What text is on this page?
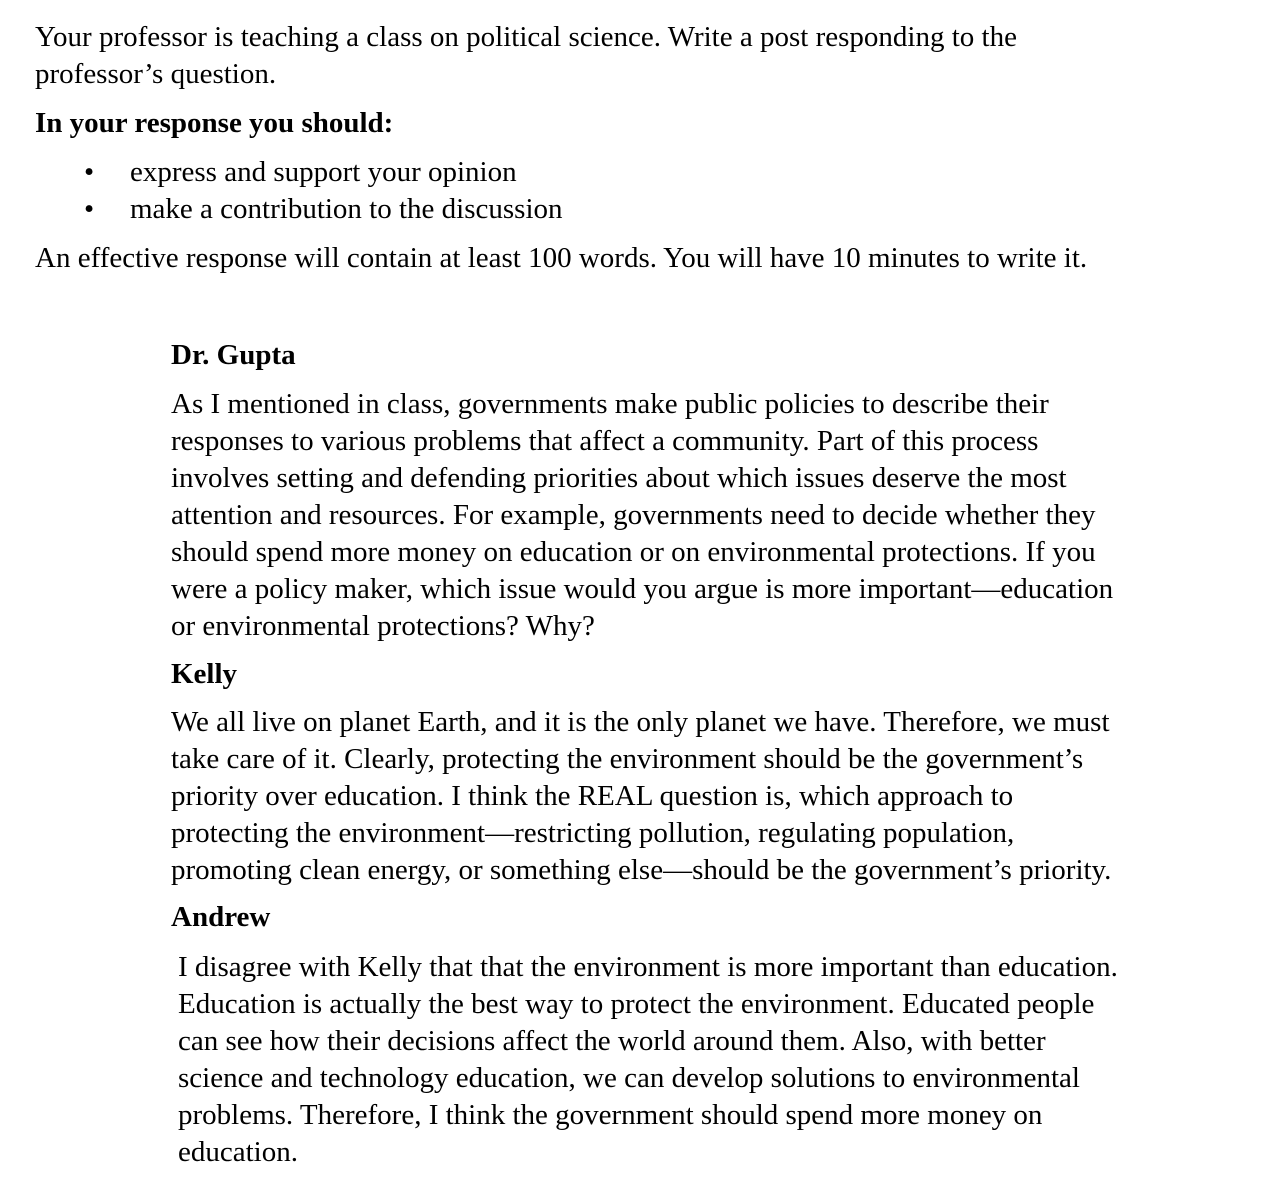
Your professor is teaching a class on political science. Write a post responding to the
professor’s question.
In your response you should:
• express and support your opinion
• make a contribution to the discussion
An effective response will contain at least 100 words. You will have 10 minutes to write it.
Dr. Gupta
As I mentioned in class, governments make public policies to describe their
responses to various problems that affect a community. Part of this process
involves setting and defending priorities about which issues deserve the most
attention and resources. For example, governments need to decide whether they
should spend more money on education or on environmental protections. If you
were a policy maker, which issue would you argue is more important—education
or environmental protections? Why?
Kelly
We all live on planet Earth, and it is the only planet we have. Therefore, we must
take care of it. Clearly, protecting the environment should be the government’s
priority over education. I think the REAL question is, which approach to
protecting the environment—restricting pollution, regulating population,
promoting clean energy, or something else—should be the government’s priority.
Andrew
I disagree with Kelly that that the environment is more important than education.
Education is actually the best way to protect the environment. Educated people
can see how their decisions affect the world around them. Also, with better
science and technology education, we can develop solutions to environmental
problems. Therefore, I think the government should spend more money on
education.
